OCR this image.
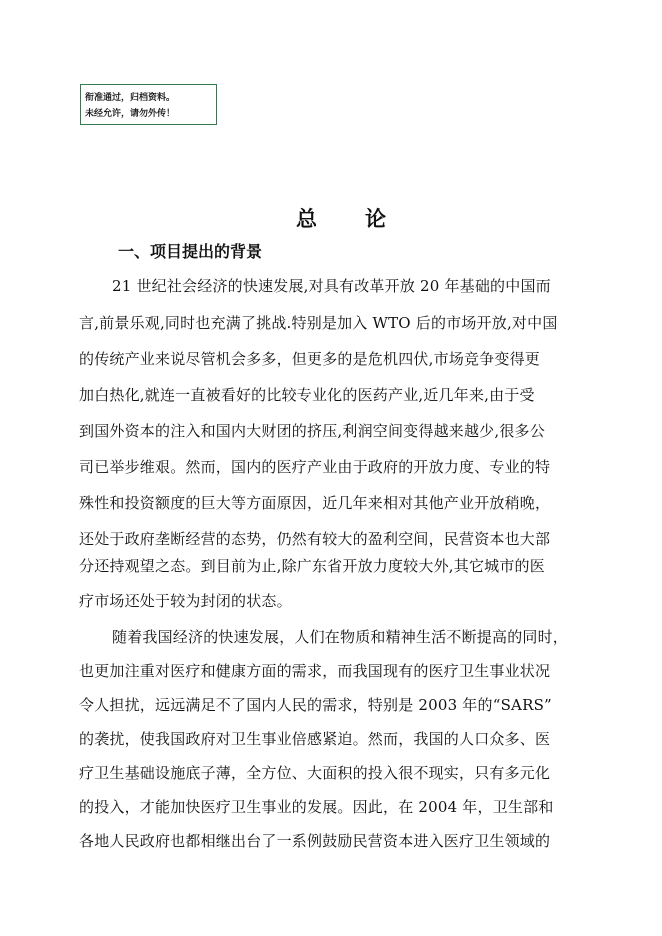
衔准通过，归档资料。
未经允许，请勿外传！
总 论
一、项目提出的背景
21 世纪社会经济的快速发展,对具有改革开放 20 年基础的中国而
言,前景乐观,同时也充满了挑战.特别是加入 WTO 后的市场开放,对中国
的传统产业来说尽管机会多多，但更多的是危机四伏,市场竞争变得更
加白热化,就连一直被看好的比较专业化的医药产业,近几年来,由于受
到国外资本的注入和国内大财团的挤压,利润空间变得越来越少,很多公
司已举步维艰。然而，国内的医疗产业由于政府的开放力度、专业的特
殊性和投资额度的巨大等方面原因，近几年来相对其他产业开放稍晚，
还处于政府垄断经营的态势，仍然有较大的盈利空间，民营资本也大部
分还持观望之态。到目前为止,除广东省开放力度较大外,其它城市的医
疗市场还处于较为封闭的状态。
随着我国经济的快速发展，人们在物质和精神生活不断提高的同时，
也更加注重对医疗和健康方面的需求，而我国现有的医疗卫生事业状况
令人担扰，远远满足不了国内人民的需求，特别是 2003 年的“SARS”
的袭扰，使我国政府对卫生事业倍感紧迫。然而，我国的人口众多、医
疗卫生基础设施底子薄，全方位、大面积的投入很不现实，只有多元化
的投入，才能加快医疗卫生事业的发展。因此，在 2004 年，卫生部和
各地人民政府也都相继出台了一系例鼓励民营资本进入医疗卫生领域的
